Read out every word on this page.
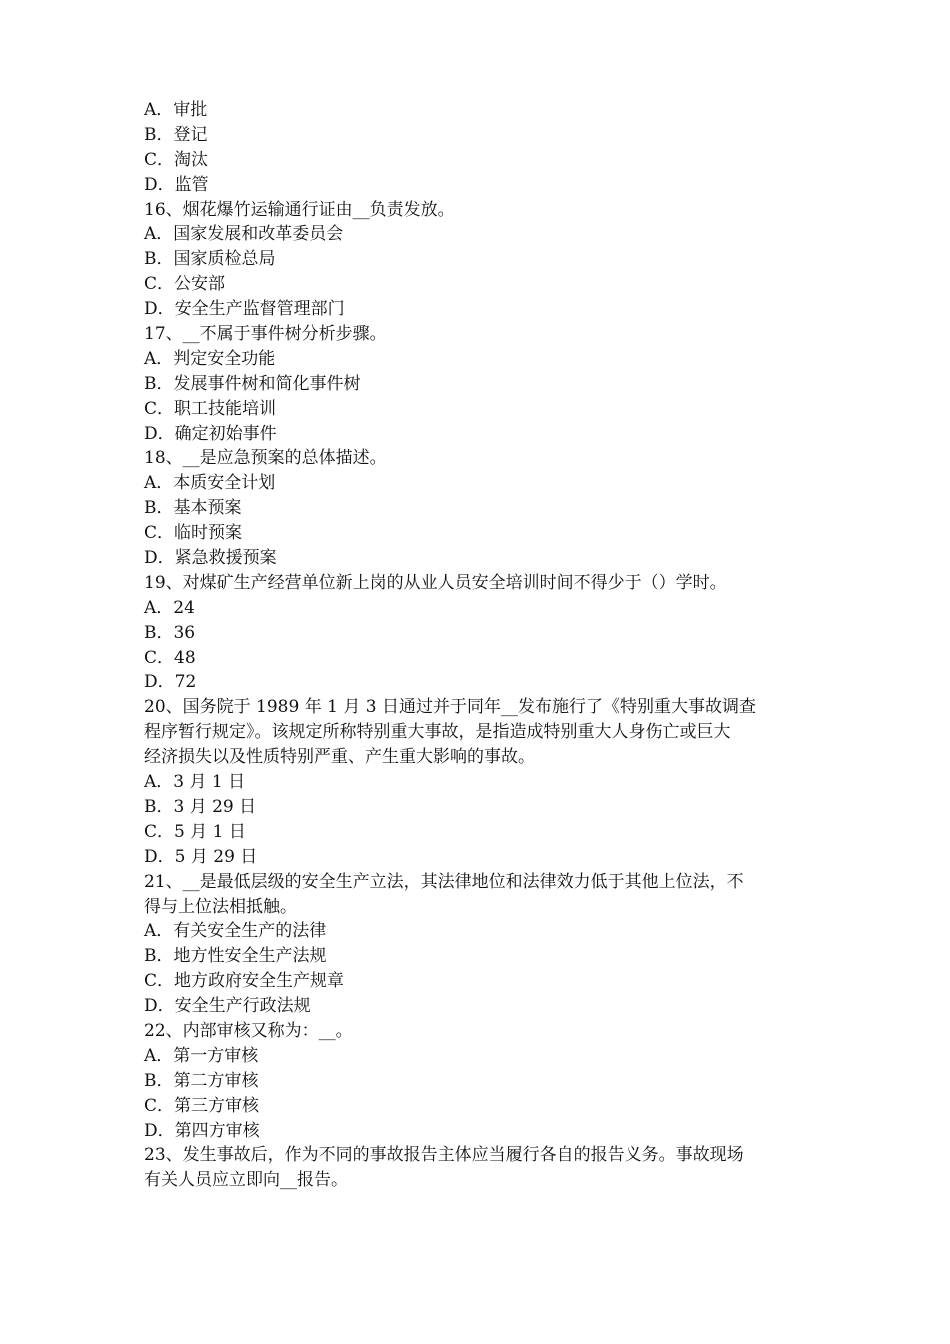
A．审批
B．登记
C．淘汰
D．监管
16、烟花爆竹运输通行证由__负责发放。
A．国家发展和改革委员会
B．国家质检总局
C．公安部
D．安全生产监督管理部门
17、__不属于事件树分析步骤。
A．判定安全功能
B．发展事件树和简化事件树
C．职工技能培训
D．确定初始事件
18、__是应急预案的总体描述。
A．本质安全计划
B．基本预案
C．临时预案
D．紧急救援预案
19、对煤矿生产经营单位新上岗的从业人员安全培训时间不得少于（）学时。
A．24
B．36
C．48
D．72
20、国务院于 1989 年 1 月 3 日通过并于同年__发布施行了《特别重大事故调查
程序暂行规定》。该规定所称特别重大事故，是指造成特别重大人身伤亡或巨大
经济损失以及性质特别严重、产生重大影响的事故。
A．3 月 1 日
B．3 月 29 日
C．5 月 1 日
D．5 月 29 日
21、__是最低层级的安全生产立法，其法律地位和法律效力低于其他上位法，不
得与上位法相抵触。
A．有关安全生产的法律
B．地方性安全生产法规
C．地方政府安全生产规章
D．安全生产行政法规
22、内部审核又称为：__。
A．第一方审核
B．第二方审核
C．第三方审核
D．第四方审核
23、发生事故后，作为不同的事故报告主体应当履行各自的报告义务。事故现场
有关人员应立即向__报告。
